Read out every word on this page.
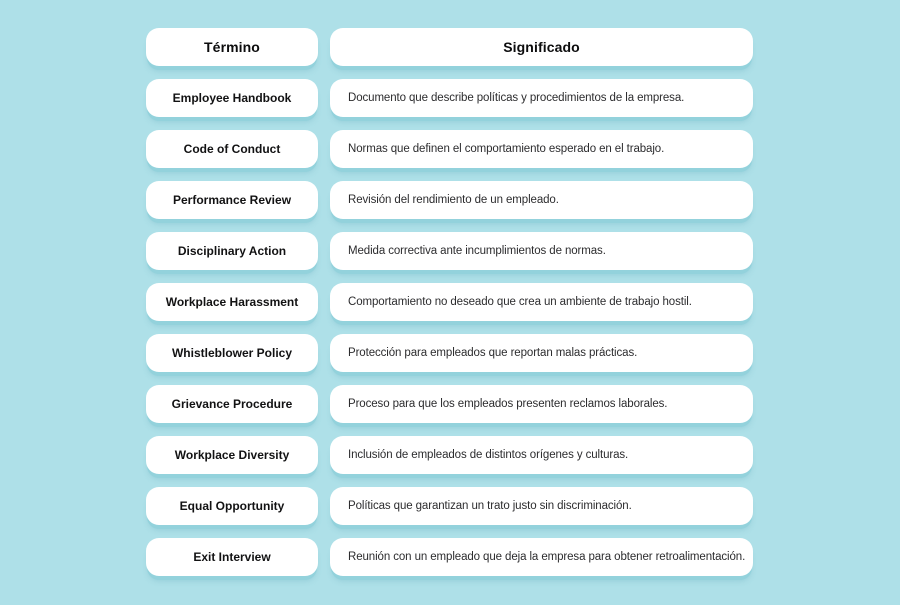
Término	Significado
Employee Handbook	Documento que describe políticas y procedimientos de la empresa.
Code of Conduct	Normas que definen el comportamiento esperado en el trabajo.
Performance Review	Revisión del rendimiento de un empleado.
Disciplinary Action	Medida correctiva ante incumplimientos de normas.
Workplace Harassment	Comportamiento no deseado que crea un ambiente de trabajo hostil.
Whistleblower Policy	Protección para empleados que reportan malas prácticas.
Grievance Procedure	Proceso para que los empleados presenten reclamos laborales.
Workplace Diversity	Inclusión de empleados de distintos orígenes y culturas.
Equal Opportunity	Políticas que garantizan un trato justo sin discriminación.
Exit Interview	Reunión con un empleado que deja la empresa para obtener retroalimentación.
